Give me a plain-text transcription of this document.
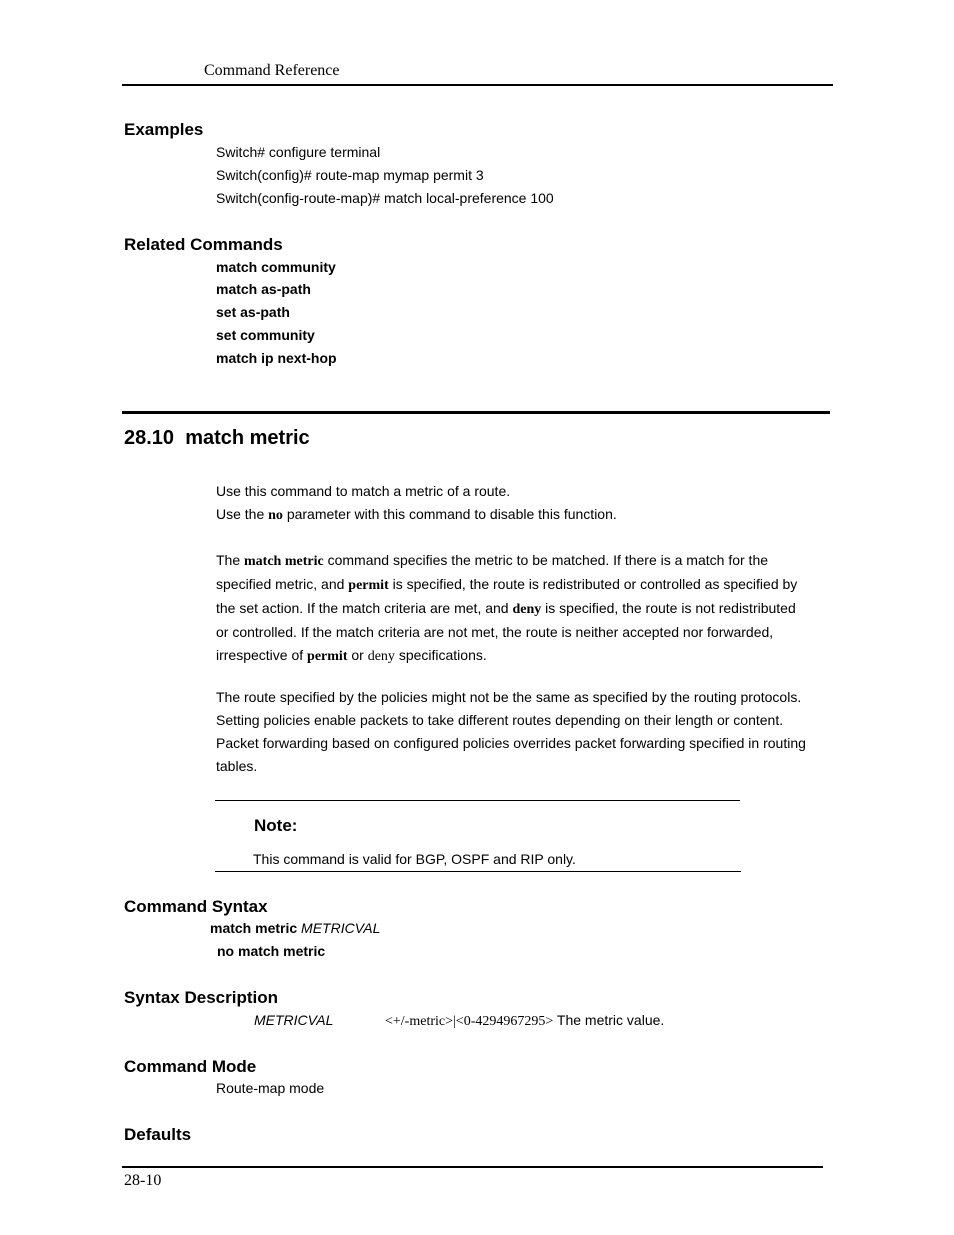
Command Reference
Examples
Switch# configure terminal
Switch(config)# route-map mymap permit 3
Switch(config-route-map)# match local-preference 100
Related Commands
match community
match as-path
set as-path
set community
match ip next-hop
28.10 match metric
Use this command to match a metric of a route.
Use the no parameter with this command to disable this function.
The match metric command specifies the metric to be matched. If there is a match for the
specified metric, and permit is specified, the route is redistributed or controlled as specified by
the set action. If the match criteria are met, and deny is specified, the route is not redistributed
or controlled. If the match criteria are not met, the route is neither accepted nor forwarded,
irrespective of permit or deny specifications.
The route specified by the policies might not be the same as specified by the routing protocols.
Setting policies enable packets to take different routes depending on their length or content.
Packet forwarding based on configured policies overrides packet forwarding specified in routing
tables.
Note:
This command is valid for BGP, OSPF and RIP only.
Command Syntax
match metric METRICVAL
no match metric
Syntax Description
METRICVAL	<+/-metric>|<0-4294967295> The metric value.
Command Mode
Route-map mode
Defaults
28-10
